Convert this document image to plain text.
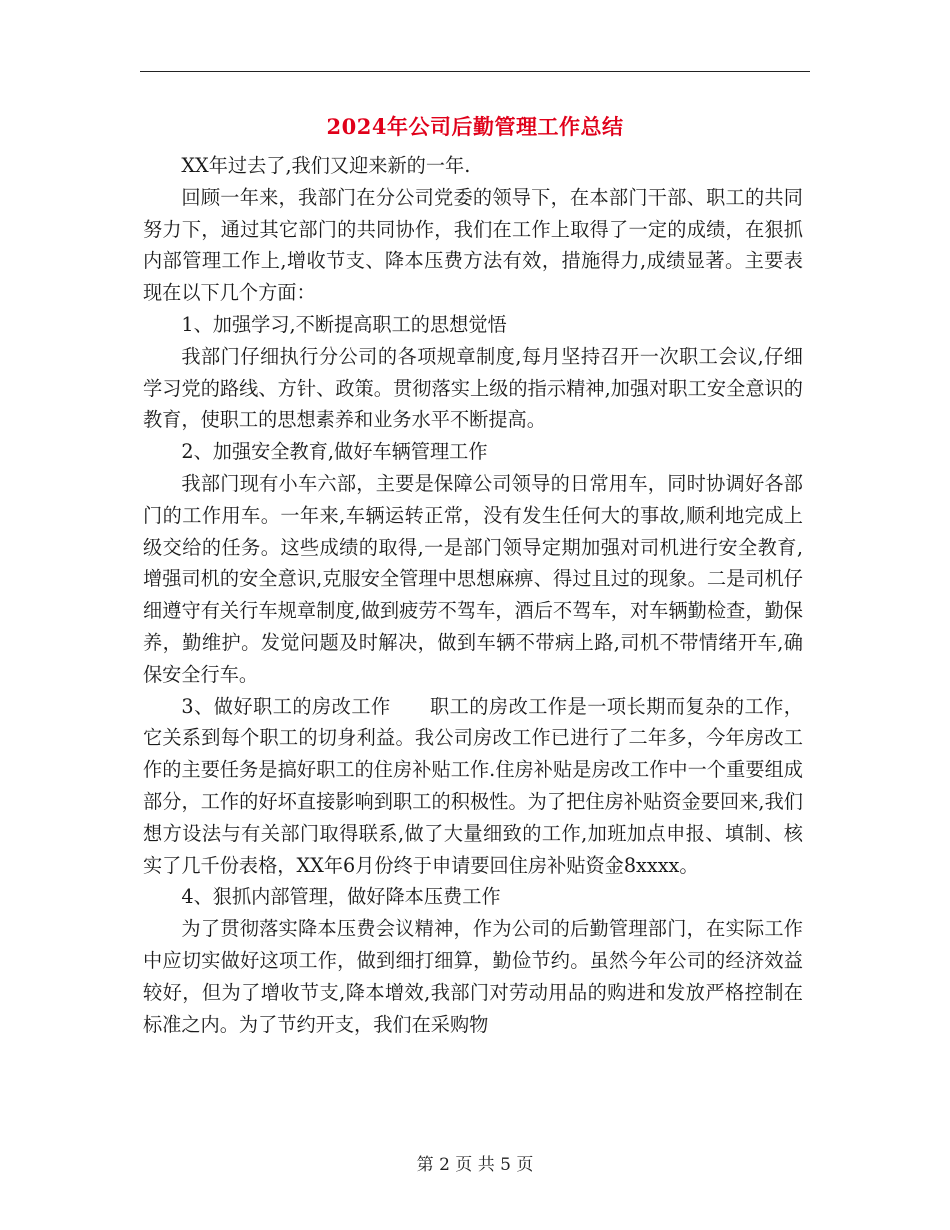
2024年公司后勤管理工作总结

XX年过去了,我们又迎来新的一年.

回顾一年来，我部门在分公司党委的领导下，在本部门干部、职工的共同努力下，通过其它部门的共同协作，我们在工作上取得了一定的成绩，在狠抓内部管理工作上,增收节支、降本压费方法有效，措施得力,成绩显著。主要表现在以下几个方面：

1、加强学习,不断提高职工的思想觉悟

我部门仔细执行分公司的各项规章制度,每月坚持召开一次职工会议,仔细学习党的路线、方针、政策。贯彻落实上级的指示精神,加强对职工安全意识的教育，使职工的思想素养和业务水平不断提高。

2、加强安全教育,做好车辆管理工作

我部门现有小车六部，主要是保障公司领导的日常用车，同时协调好各部门的工作用车。一年来,车辆运转正常，没有发生任何大的事故,顺利地完成上级交给的任务。这些成绩的取得,一是部门领导定期加强对司机进行安全教育,增强司机的安全意识,克服安全管理中思想麻痹、得过且过的现象。二是司机仔细遵守有关行车规章制度,做到疲劳不驾车，酒后不驾车，对车辆勤检查，勤保养，勤维护。发觉问题及时解决，做到车辆不带病上路,司机不带情绪开车,确保安全行车。

3、做好职工的房改工作　　职工的房改工作是一项长期而复杂的工作，它关系到每个职工的切身利益。我公司房改工作已进行了二年多，今年房改工作的主要任务是搞好职工的住房补贴工作.住房补贴是房改工作中一个重要组成部分，工作的好坏直接影响到职工的积极性。为了把住房补贴资金要回来,我们想方设法与有关部门取得联系,做了大量细致的工作,加班加点申报、填制、核实了几千份表格，XX年6月份终于申请要回住房补贴资金8xxxx。

4、狠抓内部管理，做好降本压费工作

为了贯彻落实降本压费会议精神，作为公司的后勤管理部门，在实际工作中应切实做好这项工作，做到细打细算，勤俭节约。虽然今年公司的经济效益较好，但为了增收节支,降本增效,我部门对劳动用品的购进和发放严格控制在标准之内。为了节约开支，我们在采购物

第 2 页 共 5 页
